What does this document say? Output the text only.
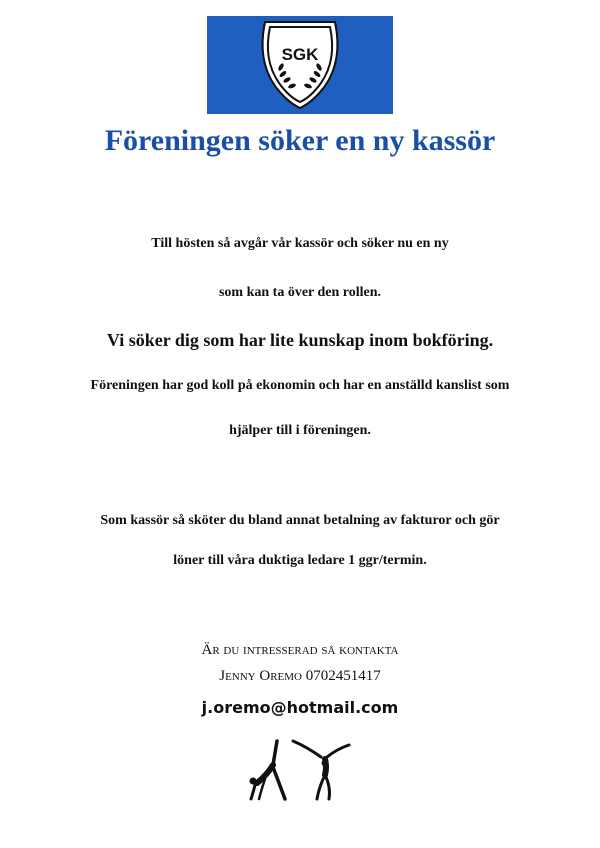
SGK
Föreningen söker en ny kassör
Till hösten så avgår vår kassör och söker nu en ny
som kan ta över den rollen.
Vi söker dig som har lite kunskap inom bokföring.
Föreningen har god koll på ekonomin och har en anställd kanslist som
hjälper till i föreningen.
Som kassör så sköter du bland annat betalning av fakturor och gör
löner till våra duktiga ledare 1 ggr/termin.
Är du intresserad så kontakta
Jenny Oremo 0702451417
j.oremo@hotmail.com
